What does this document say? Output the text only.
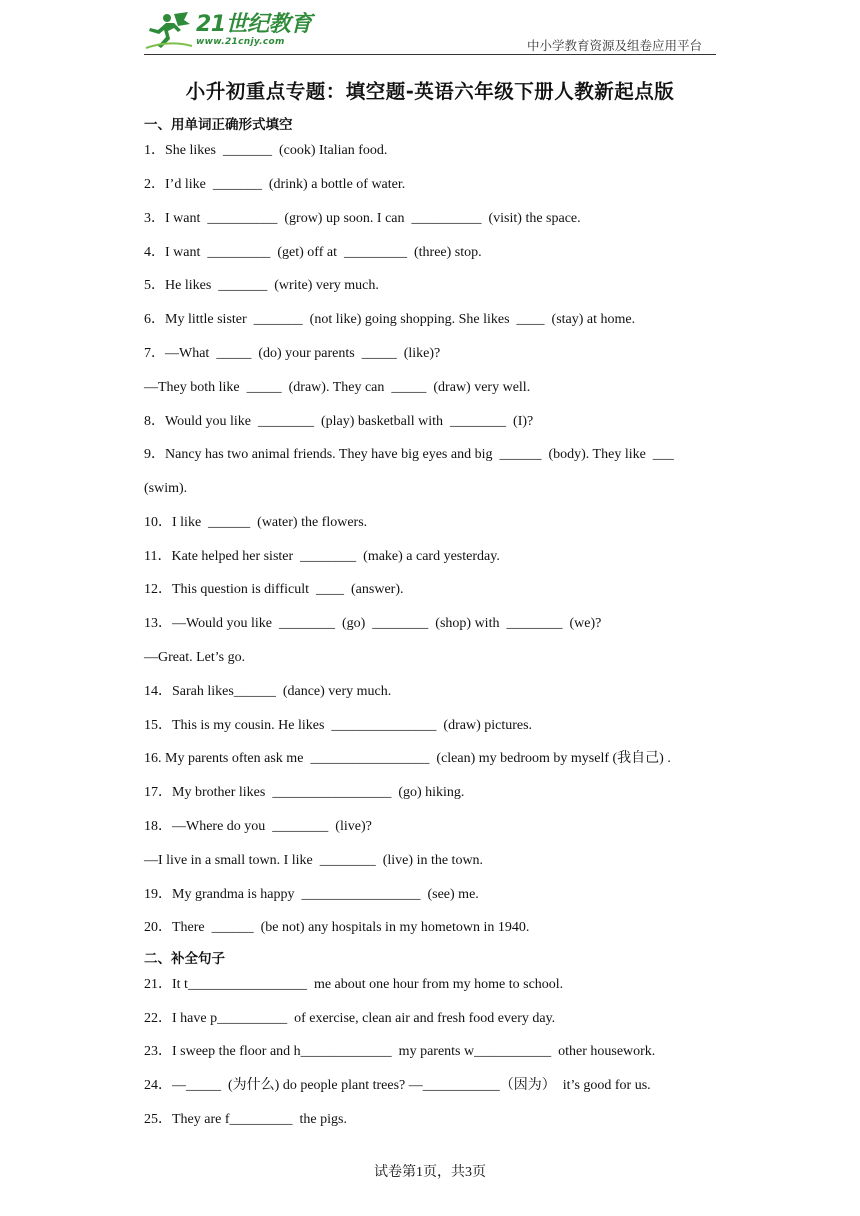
21世纪教育
www.21cnjy.com	中小学教育资源及组卷应用平台
小升初重点专题：填空题-英语六年级下册人教新起点版
一、用单词正确形式填空
1．She likes  _______  (cook) Italian food.
2．I’d like  _______  (drink) a bottle of water.
3．I want  __________  (grow) up soon. I can  __________  (visit) the space.
4．I want  _________  (get) off at  _________  (three) stop.
5．He likes  _______  (write) very much.
6．My little sister  _______  (not like) going shopping. She likes  ____  (stay) at home.
7．—What  _____  (do) your parents  _____  (like)?
—They both like  _____  (draw). They can  _____  (draw) very well.
8．Would you like  ________  (play) basketball with  ________  (I)?
9．Nancy has two animal friends. They have big eyes and big  ______  (body). They like  ___
(swim).
10．I like  ______  (water) the flowers.
11．Kate helped her sister  ________  (make) a card yesterday.
12．This question is difficult  ____  (answer).
13．—Would you like  ________  (go)  ________  (shop) with  ________  (we)?
—Great. Let’s go.
14．Sarah likes______  (dance) very much.
15．This is my cousin. He likes  _______________  (draw) pictures.
16. My parents often ask me  _________________  (clean) my bedroom by myself (我自己) .
17．My brother likes  _________________  (go) hiking.
18．—Where do you  ________  (live)?
—I live in a small town. I like  ________  (live) in the town.
19．My grandma is happy  _________________  (see) me.
20．There  ______  (be not) any hospitals in my hometown in 1940.
二、补全句子
21．It t_________________  me about one hour from my home to school.
22．I have p__________  of exercise, clean air and fresh food every day.
23．I sweep the floor and h_____________  my parents w___________  other housework.
24．—_____  (为什么) do people plant trees? —___________（因为）  it’s good for us.
25．They are f_________  the pigs.
试卷第1页，共3页
